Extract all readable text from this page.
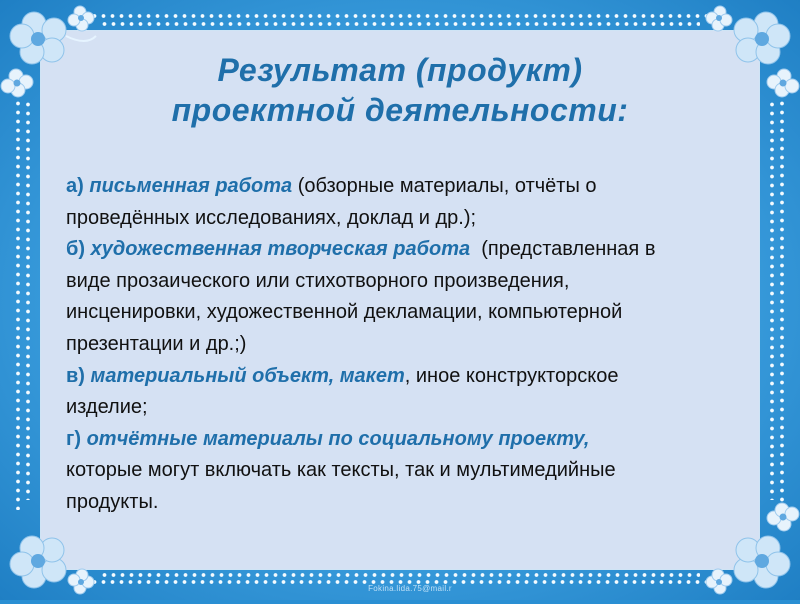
Результат (продукт)
проектной деятельности:
а) письменная работа (обзорные материалы, отчёты о
проведённых исследованиях, доклад и др.);
б) художественная творческая работа (представленная в
виде прозаического или стихотворного произведения,
инсценировки, художественной декламации, компьютерной
презентации и др.;)
в) материальный объект, макет, иное конструкторское
изделие;
г) отчётные материалы по социальному проекту,
которые могут включать как тексты, так и мультимедийные
продукты.
Fokina.lida.75@mail.r
